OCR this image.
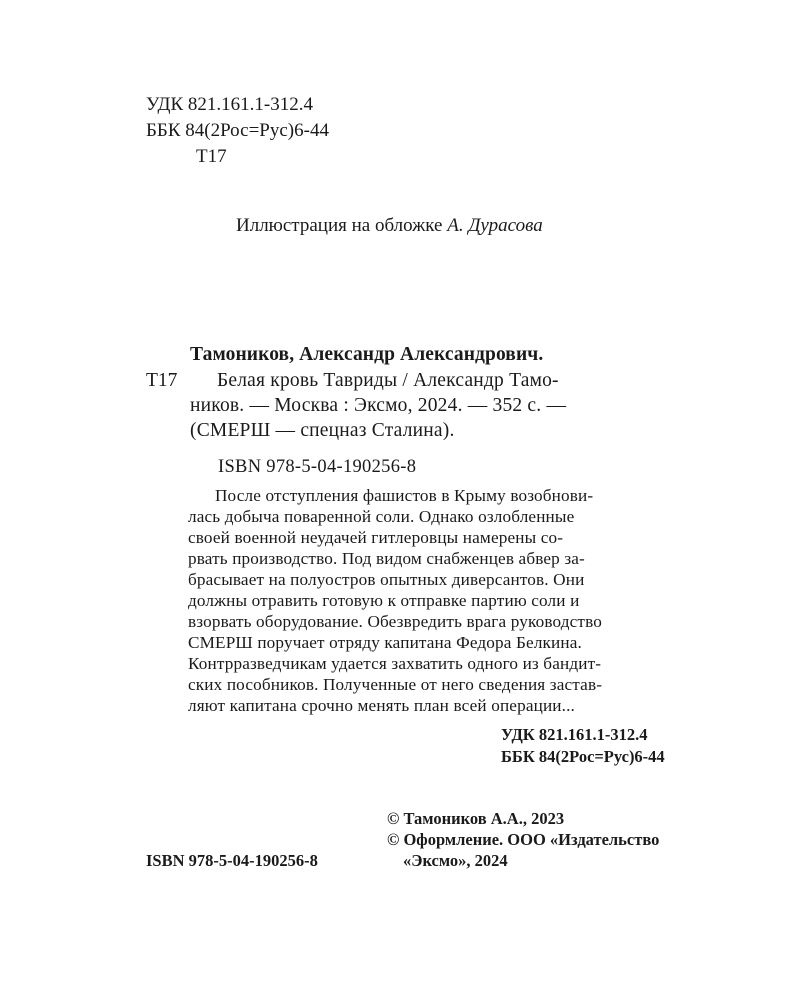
УДК 821.161.1-312.4
ББК 84(2Рос=Рус)6-44
Т17
Иллюстрация на обложке А. Дурасова
Тамоников, Александр Александрович.
Т17 Белая кровь Тавриды / Александр Тамо-
ников. — Москва : Эксмо, 2024. — 352 с. —
(СМЕРШ — спецназ Сталина).
ISBN 978-5-04-190256-8
После отступления фашистов в Крыму возобнови-
лась добыча поваренной соли. Однако озлобленные
своей военной неудачей гитлеровцы намерены со-
рвать производство. Под видом снабженцев абвер за-
брасывает на полуостров опытных диверсантов. Они
должны отравить готовую к отправке партию соли и
взорвать оборудование. Обезвредить врага руководство
СМЕРШ поручает отряду капитана Федора Белкина.
Контрразведчикам удается захватить одного из бандит-
ских пособников. Полученные от него сведения застав-
ляют капитана срочно менять план всей операции...
УДК 821.161.1-312.4
ББК 84(2Рос=Рус)6-44
© Тамоников А.А., 2023
© Оформление. ООО «Издательство
«Эксмо», 2024
ISBN 978-5-04-190256-8
